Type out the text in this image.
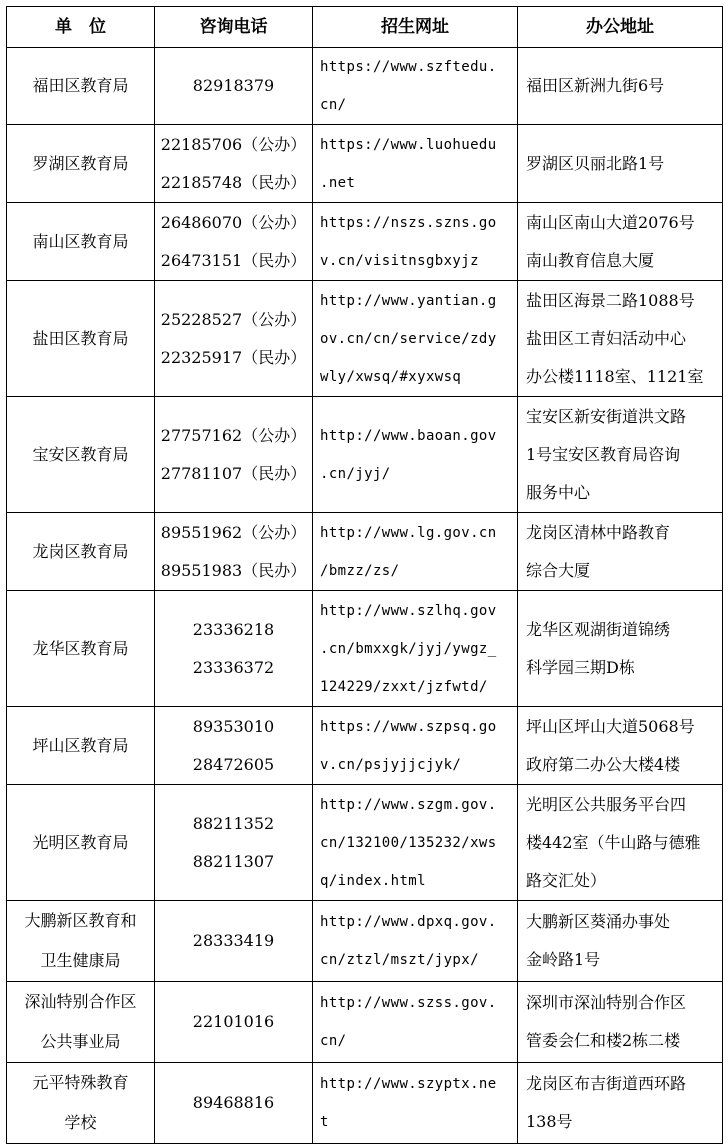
单　位	咨询电话	招生网址	办公地址

福田区教育局	82918379	https://www.szftedu.
cn/	福田区新洲九街6号

罗湖区教育局	22185706（公办）
22185748（民办）	https://www.luohuedu
.net	罗湖区贝丽北路1号

南山区教育局	26486070（公办）
26473151（民办）	https://nszs.szns.go
v.cn/visitnsgbxyjz	南山区南山大道2076号
南山教育信息大厦

盐田区教育局	25228527（公办）
22325917（民办）	http://www.yantian.g
ov.cn/cn/service/zdy
wly/xwsq/#xyxwsq	盐田区海景二路1088号
盐田区工青妇活动中心
办公楼1118室、1121室

宝安区教育局	27757162（公办）
27781107（民办）	http://www.baoan.gov
.cn/jyj/	宝安区新安街道洪文路
1号宝安区教育局咨询
服务中心

龙岗区教育局	89551962（公办）
89551983（民办）	http://www.lg.gov.cn
/bmzz/zs/	龙岗区清林中路教育
综合大厦

龙华区教育局	23336218
23336372	http://www.szlhq.gov
.cn/bmxxgk/jyj/ywgz_
124229/zxxt/jzfwtd/	龙华区观湖街道锦绣
科学园三期D栋

坪山区教育局	89353010
28472605	https://www.szpsq.go
v.cn/psjyjjcjyk/	坪山区坪山大道5068号
政府第二办公大楼4楼

光明区教育局	88211352
88211307	http://www.szgm.gov.
cn/132100/135232/xws
q/index.html	光明区公共服务平台四
楼442室（牛山路与德雅
路交汇处）

大鹏新区教育和
卫生健康局	28333419	http://www.dpxq.gov.
cn/ztzl/mszt/jypx/	大鹏新区葵涌办事处
金岭路1号

深汕特别合作区
公共事业局	22101016	http://www.szss.gov.
cn/	深圳市深汕特别合作区
管委会仁和楼2栋二楼

元平特殊教育
学校	89468816	http://www.szyptx.ne
t	龙岗区布吉街道西环路
138号
